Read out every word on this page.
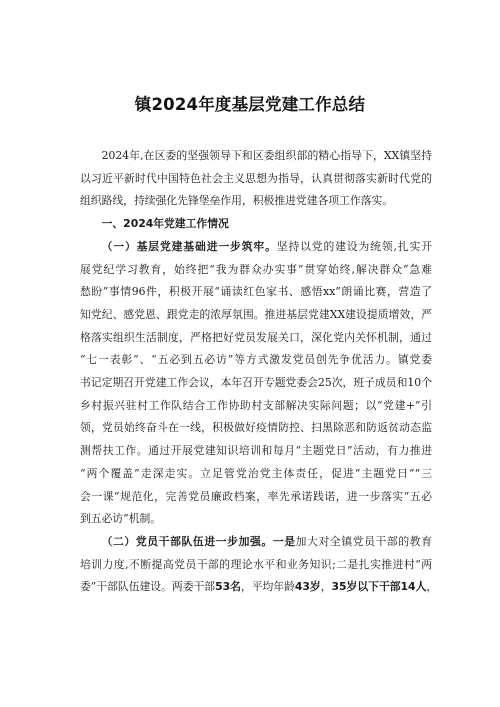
镇2024年度基层党建工作总结

2024年,在区委的坚强领导下和区委组织部的精心指导下，XX镇坚持
以习近平新时代中国特色社会主义思想为指导，认真贯彻落实新时代党的
组织路线，持续强化先锋堡垒作用，积极推进党建各项工作落实。

一、2024年党建工作情况

（一）基层党建基础进一步筑牢。坚持以党的建设为统领,扎实开
展党纪学习教育，始终把“我为群众办实事”贯穿始终,解决群众“急难
愁盼”事情96件，积极开展“诵读红色家书、感悟xx”朗诵比赛，营造了
知党纪、感党恩、跟党走的浓厚氛围。推进基层党建XX建设提质增效，严
格落实组织生活制度，严格把好党员发展关口，深化党内关怀机制，通过
“七一表彰”、“五必到五必访”等方式激发党员创先争优活力。镇党委
书记定期召开党建工作会议，本年召开专题党委会25次，班子成员和10个
乡村振兴驻村工作队结合工作协助村支部解决实际问题；以“党建+”引
领，党员始终奋斗在一线，积极做好疫情防控、扫黑除恶和防返贫动态监
测帮扶工作。通过开展党建知识培训和每月“主题党日”活动，有力推进
“两个覆盖”走深走实。立足管党治党主体责任，促进“主题党日”“三
会一课”规范化，完善党员廉政档案，率先承诺践诺，进一步落实“五必
到五必访”机制。

（二）党员干部队伍进一步加强。一是加大对全镇党员干部的教育
培训力度,不断提高党员干部的理论水平和业务知识;二是扎实推进村“两
委”干部队伍建设。两委干部53名，平均年龄43岁，35岁以下干部14人，
